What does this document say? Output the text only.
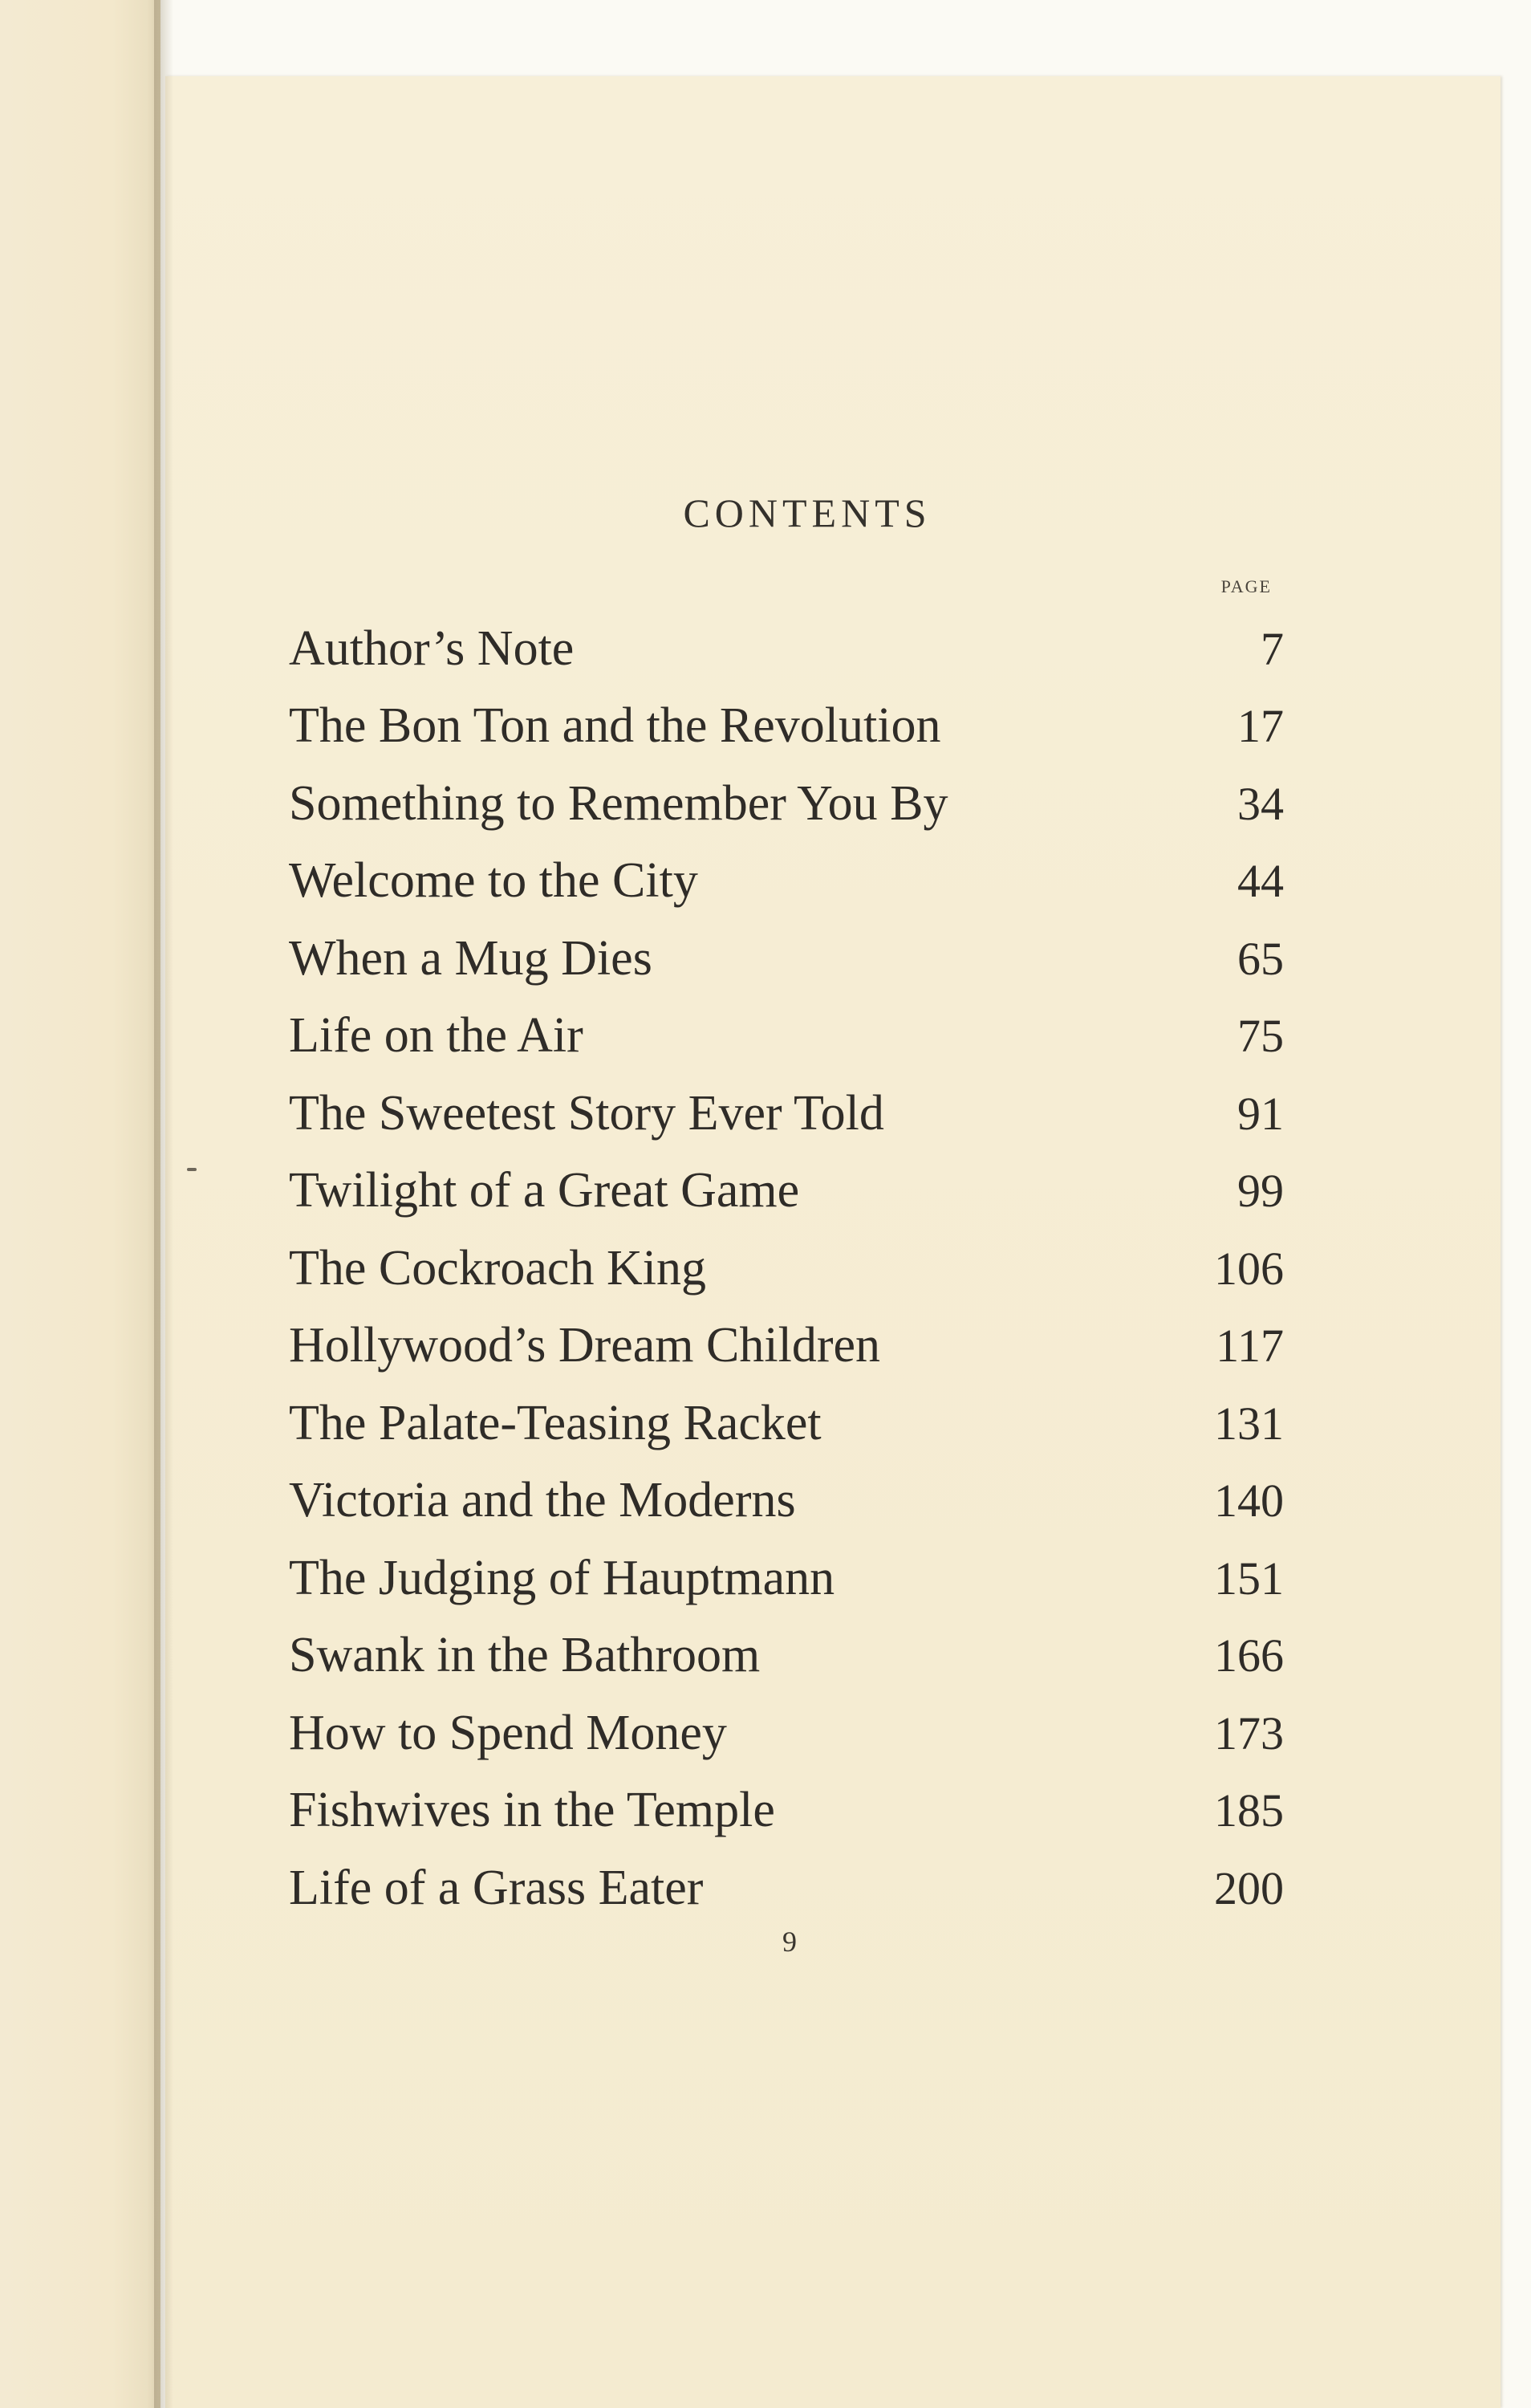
CONTENTS
PAGE
Author’s Note	7
The Bon Ton and the Revolution	17
Something to Remember You By	34
Welcome to the City	44
When a Mug Dies	65
Life on the Air	75
The Sweetest Story Ever Told	91
Twilight of a Great Game	99
The Cockroach King	106
Hollywood’s Dream Children	117
The Palate-Teasing Racket	131
Victoria and the Moderns	140
The Judging of Hauptmann	151
Swank in the Bathroom	166
How to Spend Money	173
Fishwives in the Temple	185
Life of a Grass Eater	200
9
